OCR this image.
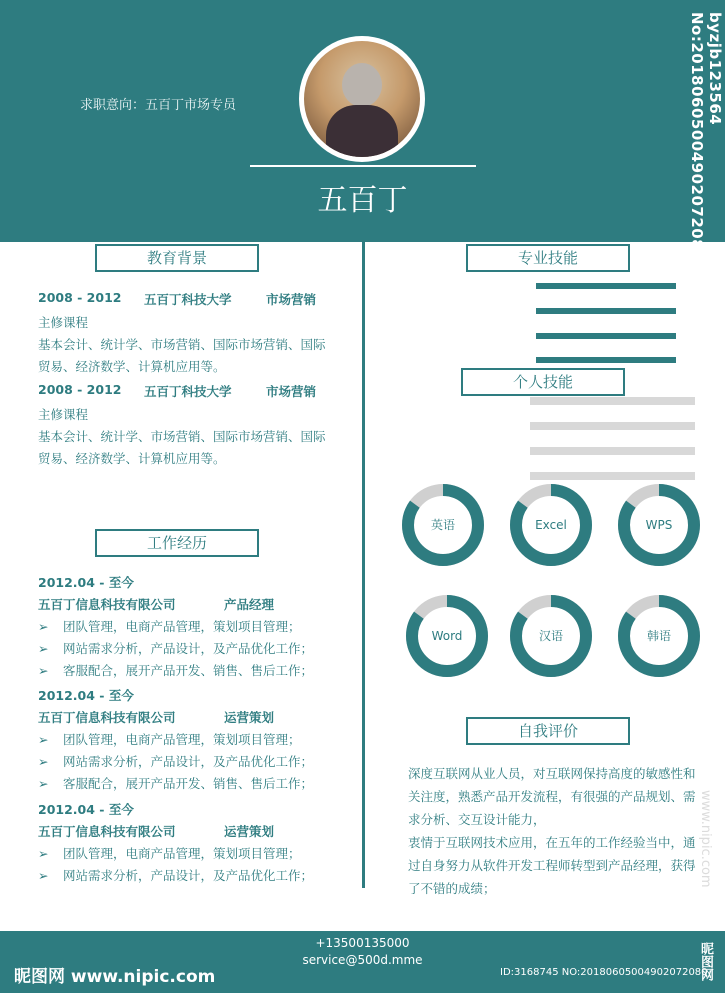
求职意向：五百丁市场专员
五百丁
byzjb123564 No:20180605004902072080
教育背景
2008 - 2012 五百丁科技大学	市场营销
主修课程
基本会计、统计学、市场营销、国际市场营销、国际贸易、经济数学、计算机应用等。
2008 - 2012 五百丁科技大学	市场营销
主修课程
基本会计、统计学、市场营销、国际市场营销、国际贸易、经济数学、计算机应用等。
工作经历
2012.04 - 至今
五百丁信息科技有限公司	产品经理
➢ 团队管理，电商产品管理，策划项目管理；
➢ 网站需求分析，产品设计，及产品优化工作；
➢ 客服配合，展开产品开发、销售、售后工作；
2012.04 - 至今
五百丁信息科技有限公司	运营策划
➢ 团队管理，电商产品管理，策划项目管理；
➢ 网站需求分析，产品设计，及产品优化工作；
➢ 客服配合，展开产品开发、销售、售后工作；
2012.04 - 至今
五百丁信息科技有限公司	运营策划
➢ 团队管理，电商产品管理，策划项目管理；
➢ 网站需求分析，产品设计，及产品优化工作；
专业技能
个人技能
英语	Excel	WPS
Word	汉语	韩语
自我评价
深度互联网从业人员，对互联网保持高度的敏感性和关注度，熟悉产品开发流程，有很强的产品规划、需求分析、交互设计能力，
衷情于互联网技术应用，在五年的工作经验当中，通过自身努力从软件开发工程师转型到产品经理，获得了不错的成绩；
+13500135000
service@500d.mme
昵图网 www.nipic.com	ID:3168745 NO:20180605004902072080
www.nipic.com
昵图网
